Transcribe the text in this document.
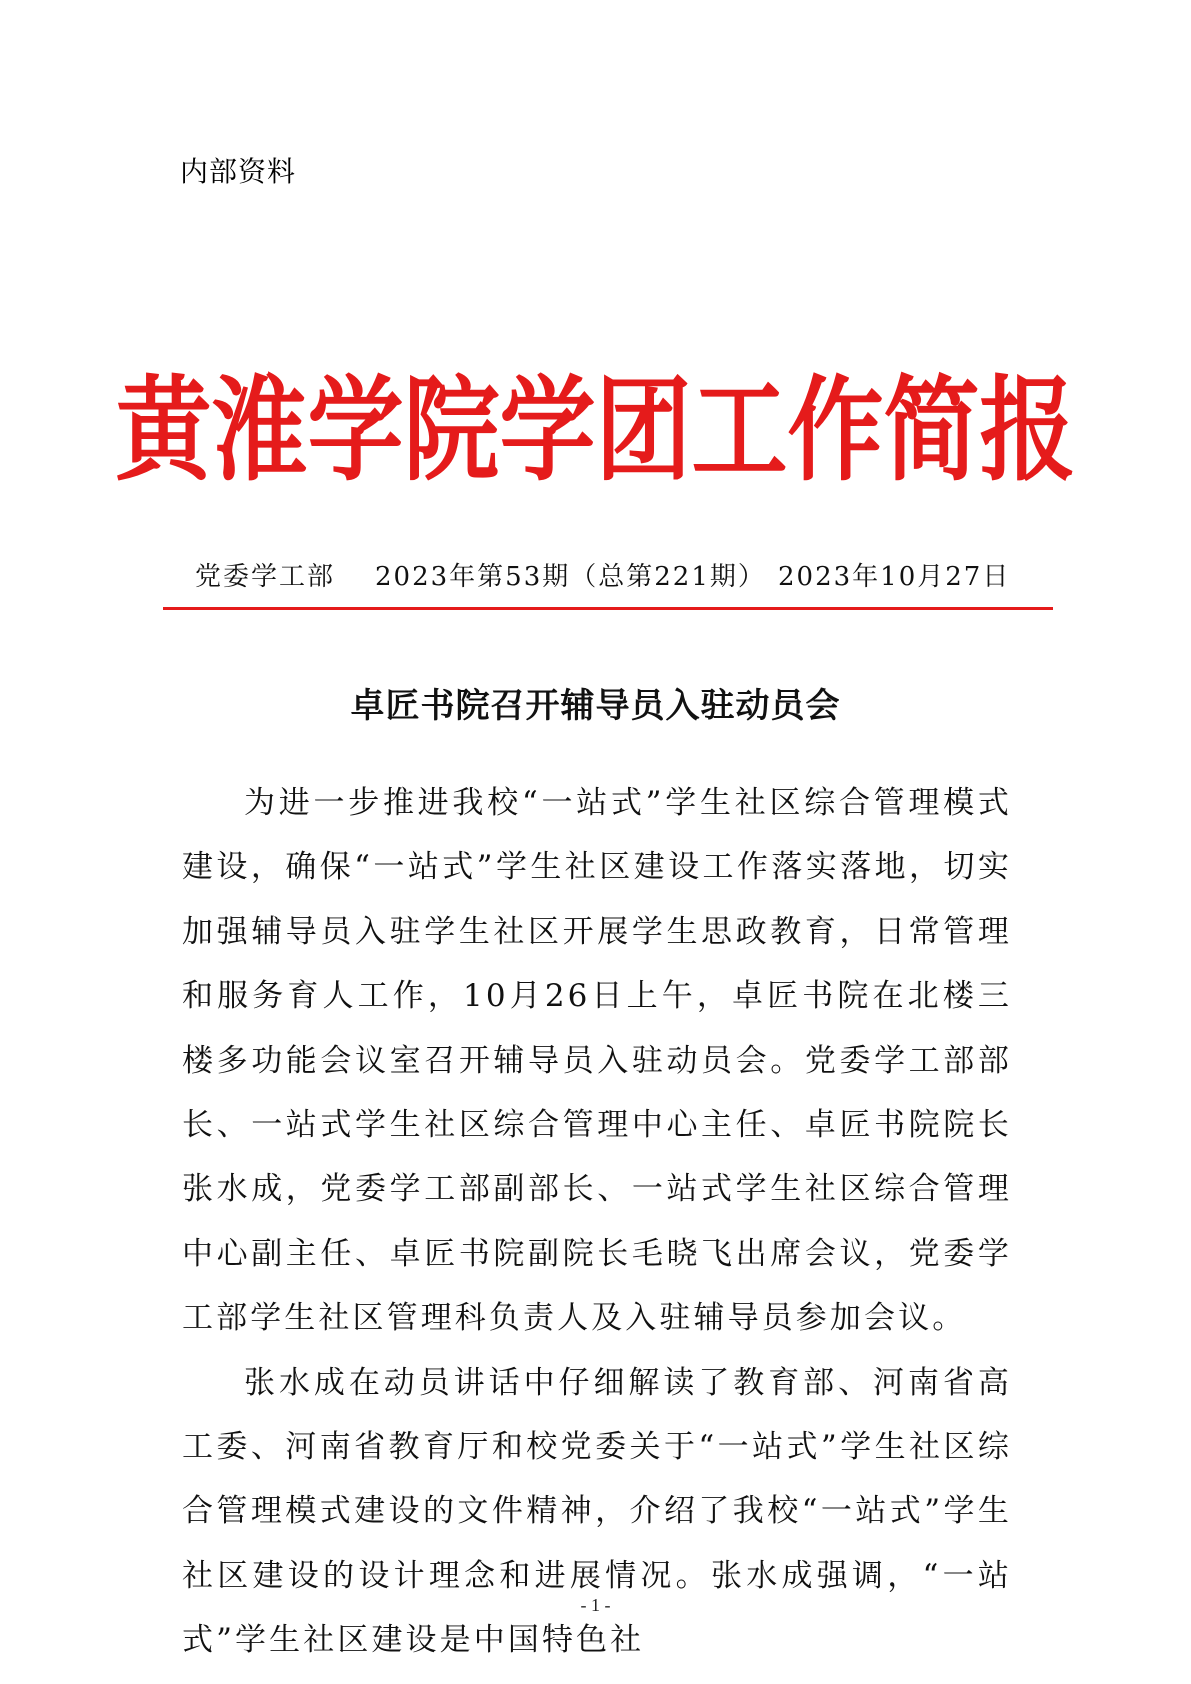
内部资料
黄淮学院学团工作简报
党委学工部 2023年第53期（总第221期） 2023年10月27日
卓匠书院召开辅导员入驻动员会

为进一步推进我校“一站式”学生社区综合管理模式建设，确保“一站式”学生社区建设工作落实落地，切实加强辅导员入驻学生社区开展学生思政教育，日常管理和服务育人工作，10月26日上午，卓匠书院在北楼三楼多功能会议室召开辅导员入驻动员会。党委学工部部长、一站式学生社区综合管理中心主任、卓匠书院院长张水成，党委学工部副部长、一站式学生社区综合管理中心副主任、卓匠书院副院长毛晓飞出席会议，党委学工部学生社区管理科负责人及入驻辅导员参加会议。

张水成在动员讲话中仔细解读了教育部、河南省高工委、河南省教育厅和校党委关于“一站式”学生社区综合管理模式建设的文件精神，介绍了我校“一站式”学生社区建设的设计理念和进展情况。张水成强调，“一站式”学生社区建设是中国特色社

- 1 -
